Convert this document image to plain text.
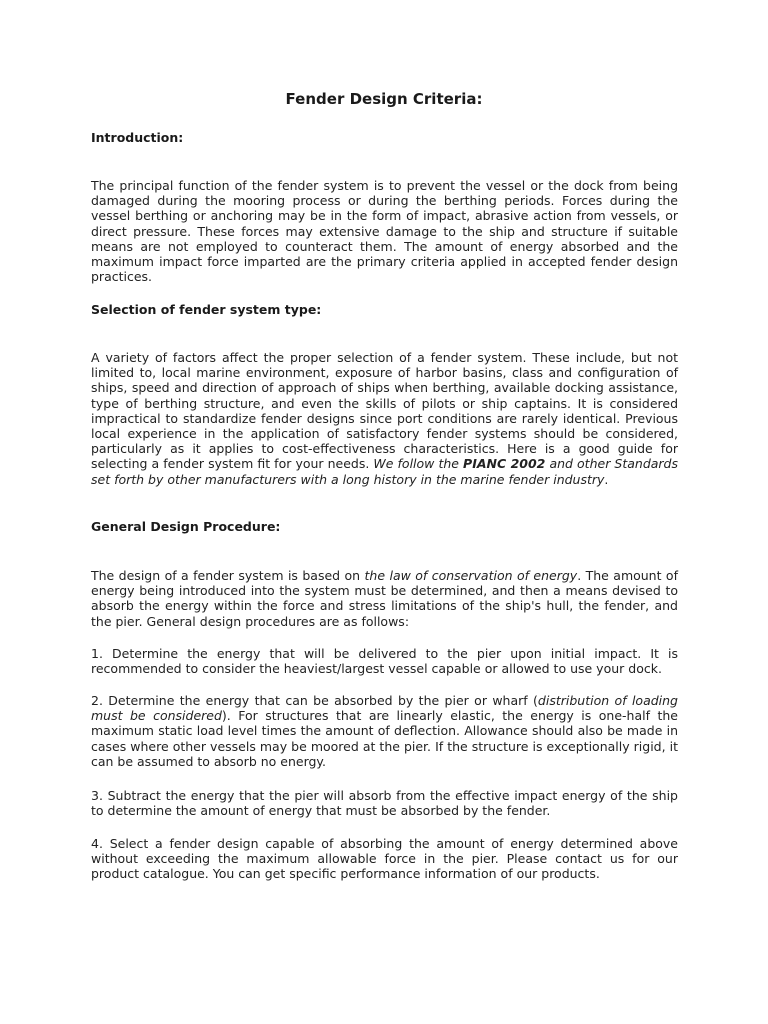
Fender Design Criteria:
Introduction:

The principal function of the fender system is to prevent the vessel or the dock from being damaged during the mooring process or during the berthing periods. Forces during the vessel berthing or anchoring may be in the form of impact, abrasive action from vessels, or direct pressure. These forces may extensive damage to the ship and structure if suitable means are not employed to counteract them. The amount of energy absorbed and the maximum impact force imparted are the primary criteria applied in accepted fender design practices.

Selection of fender system type:

A variety of factors affect the proper selection of a fender system. These include, but not limited to, local marine environment, exposure of harbor basins, class and configuration of ships, speed and direction of approach of ships when berthing, available docking assistance, type of berthing structure, and even the skills of pilots or ship captains. It is considered impractical to standardize fender designs since port conditions are rarely identical. Previous local experience in the application of satisfactory fender systems should be considered, particularly as it applies to cost-effectiveness characteristics. Here is a good guide for selecting a fender system fit for your needs. We follow the PIANC 2002 and other Standards set forth by other manufacturers with a long history in the marine fender industry.

General Design Procedure:

The design of a fender system is based on the law of conservation of energy. The amount of energy being introduced into the system must be determined, and then a means devised to absorb the energy within the force and stress limitations of the ship's hull, the fender, and the pier. General design procedures are as follows:

1. Determine the energy that will be delivered to the pier upon initial impact. It is recommended to consider the heaviest/largest vessel capable or allowed to use your dock.

2. Determine the energy that can be absorbed by the pier or wharf (distribution of loading must be considered). For structures that are linearly elastic, the energy is one-half the maximum static load level times the amount of deflection. Allowance should also be made in cases where other vessels may be moored at the pier. If the structure is exceptionally rigid, it can be assumed to absorb no energy.

3. Subtract the energy that the pier will absorb from the effective impact energy of the ship to determine the amount of energy that must be absorbed by the fender.

4. Select a fender design capable of absorbing the amount of energy determined above without exceeding the maximum allowable force in the pier. Please contact us for our product catalogue. You can get specific performance information of our products.
